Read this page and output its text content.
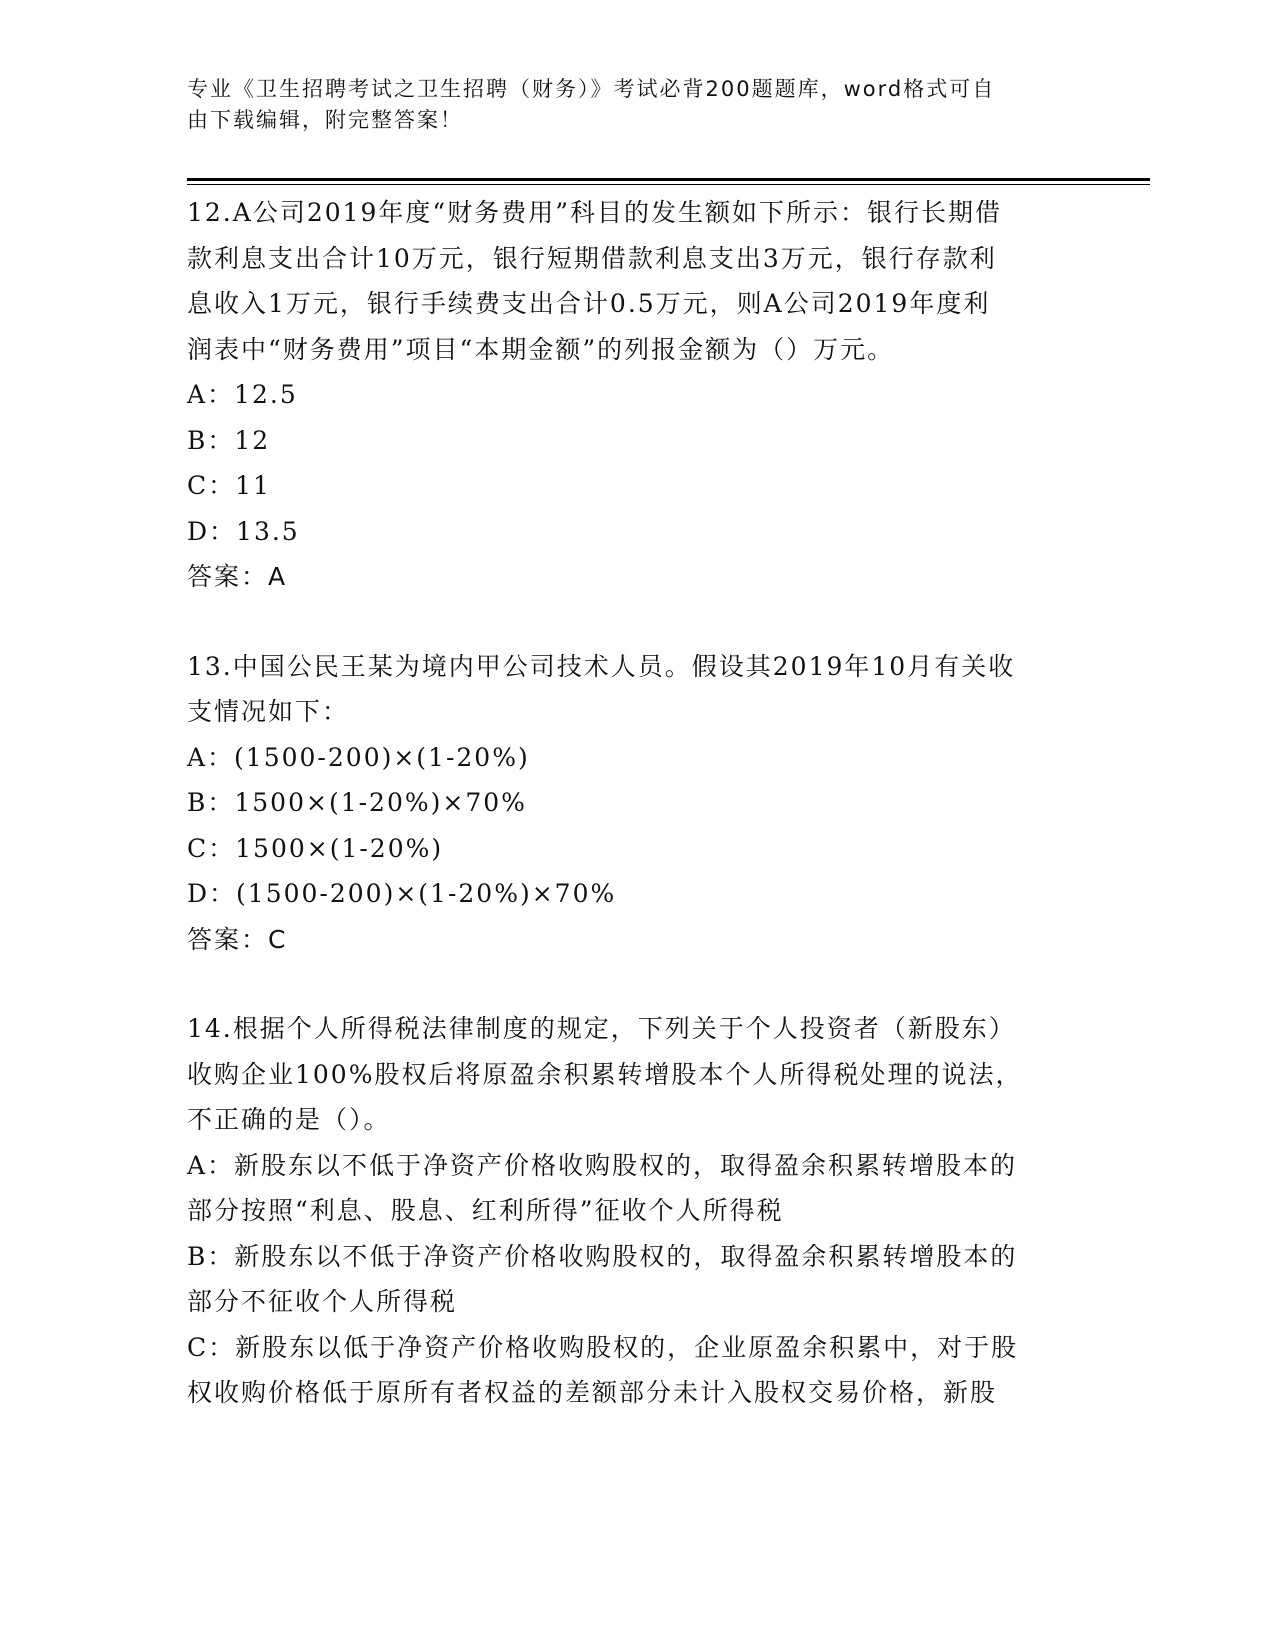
专业《卫生招聘考试之卫生招聘（财务）》考试必背200题题库，word格式可自
由下载编辑，附完整答案！
12.A公司2019年度“财务费用”科目的发生额如下所示：银行长期借
款利息支出合计10万元，银行短期借款利息支出3万元，银行存款利
息收入1万元，银行手续费支出合计0.5万元，则A公司2019年度利
润表中“财务费用”项目“本期金额”的列报金额为（）万元。
A：12.5
B：12
C：11
D：13.5
答案：A
13.中国公民王某为境内甲公司技术人员。假设其2019年10月有关收
支情况如下：
A：(1500-200)×(1-20%)
B：1500×(1-20%)×70%
C：1500×(1-20%)
D：(1500-200)×(1-20%)×70%
答案：C
14.根据个人所得税法律制度的规定，下列关于个人投资者（新股东）
收购企业100%股权后将原盈余积累转增股本个人所得税处理的说法，
不正确的是（）。
A：新股东以不低于净资产价格收购股权的，取得盈余积累转增股本的
部分按照“利息、股息、红利所得”征收个人所得税
B：新股东以不低于净资产价格收购股权的，取得盈余积累转增股本的
部分不征收个人所得税
C：新股东以低于净资产价格收购股权的，企业原盈余积累中，对于股
权收购价格低于原所有者权益的差额部分未计入股权交易价格，新股
